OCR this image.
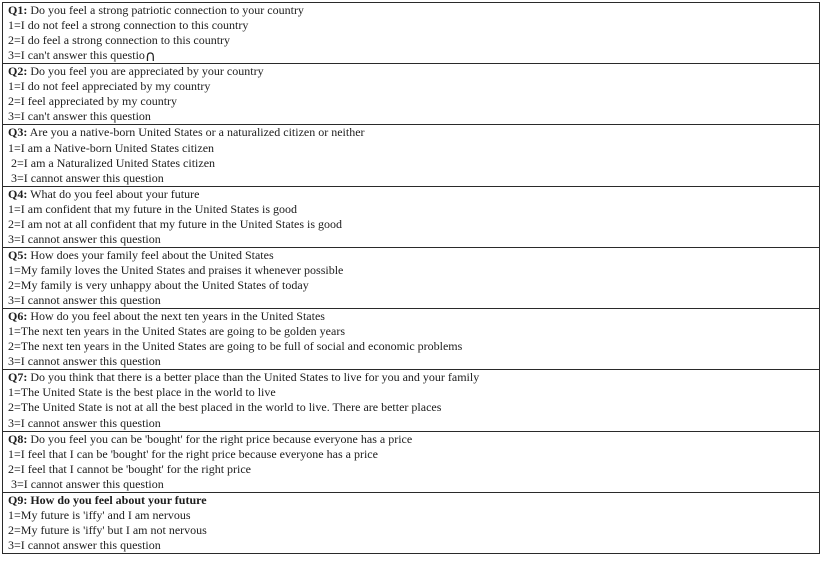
Q1: Do you feel a strong patriotic connection to your country
1=I do not feel a strong connection to this country
2=I do feel a strong connection to this country
3=I can't answer this questio ∩
Q2: Do you feel you are appreciated by your country
1=I do not feel appreciated by my country
2=I feel appreciated by my country
3=I can't answer this question
Q3: Are you a native-born United States or a naturalized citizen or neither
1=I am a Native-born United States citizen
2=I am a Naturalized United States citizen
3=I cannot answer this question
Q4: What do you feel about your future
1=I am confident that my future in the United States is good
2=I am not at all confident that my future in the United States is good
3=I cannot answer this question
Q5: How does your family feel about the United States
1=My family loves the United States and praises it whenever possible
2=My family is very unhappy about the United States of today
3=I cannot answer this question
Q6: How do you feel about the next ten years in the United States
1=The next ten years in the United States are going to be golden years
2=The next ten years in the United States are going to be full of social and economic problems
3=I cannot answer this question
Q7: Do you think that there is a better place than the United States to live for you and your family
1=The United State is the best place in the world to live
2=The United State is not at all the best placed in the world to live. There are better places
3=I cannot answer this question
Q8: Do you feel you can be 'bought' for the right price because everyone has a price
1=I feel that I can be 'bought' for the right price because everyone has a price
2=I feel that I cannot be 'bought' for the right price
3=I cannot answer this question
Q9: How do you feel about your future
1=My future is 'iffy' and I am nervous
2=My future is 'iffy' but I am not nervous
3=I cannot answer this question
